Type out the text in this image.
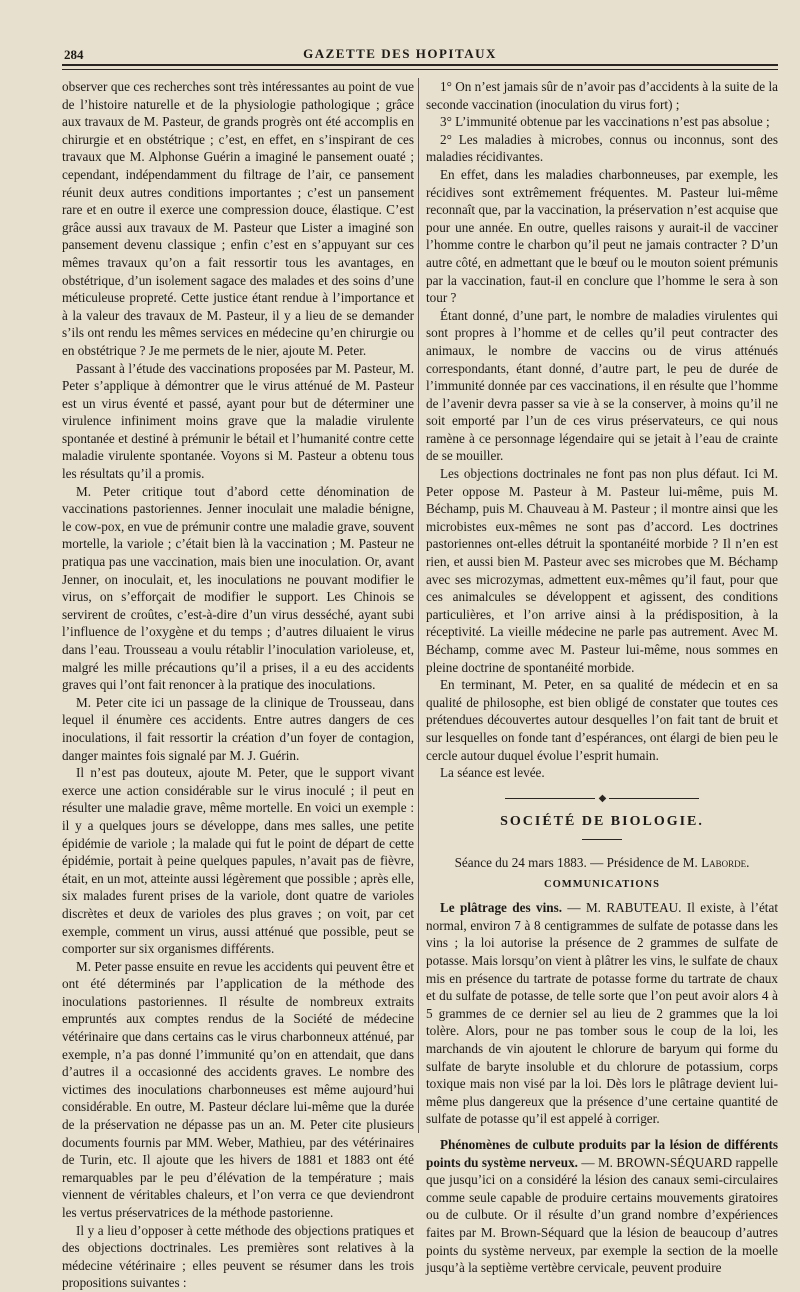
284	GAZETTE DES HOPITAUX

observer que ces recherches sont très intéressantes au point de vue de l’histoire naturelle et de la physiologie pathologique ; grâce aux travaux de M. Pasteur, de grands progrès ont été accomplis en chirurgie et en obstétrique ; c’est, en effet, en s’inspirant de ces travaux que M. Alphonse Guérin a imaginé le pansement ouaté ; cependant, indépendamment du filtrage de l’air, ce pansement réunit deux autres conditions importantes ; c’est un pansement rare et en outre il exerce une compression douce, élastique. C’est grâce aussi aux travaux de M. Pasteur que Lister a imaginé son pansement devenu classique ; enfin c’est en s’appuyant sur ces mêmes travaux qu’on a fait ressortir tous les avantages, en obstétrique, d’un isolement sagace des malades et des soins d’une méticuleuse propreté. Cette justice étant rendue à l’importance et à la valeur des travaux de M. Pasteur, il y a lieu de se demander s’ils ont rendu les mêmes services en médecine qu’en chirurgie ou en obstétrique ? Je me permets de le nier, ajoute M. Peter.

Passant à l’étude des vaccinations proposées par M. Pasteur, M. Peter s’applique à démontrer que le virus atténué de M. Pasteur est un virus éventé et passé, ayant pour but de déterminer une virulence infiniment moins grave que la maladie virulente spontanée et destiné à prémunir le bétail et l’humanité contre cette maladie virulente spontanée. Voyons si M. Pasteur a obtenu tous les résultats qu’il a promis.

M. Peter critique tout d’abord cette dénomination de vaccinations pastoriennes. Jenner inoculait une maladie bénigne, le cow-pox, en vue de prémunir contre une maladie grave, souvent mortelle, la variole ; c’était bien là la vaccination ; M. Pasteur ne pratiqua pas une vaccination, mais bien une inoculation. Or, avant Jenner, on inoculait, et, les inoculations ne pouvant modifier le virus, on s’efforçait de modifier le support. Les Chinois se servirent de croûtes, c’est-à-dire d’un virus desséché, ayant subi l’influence de l’oxygène et du temps ; d’autres diluaient le virus dans l’eau. Trousseau a voulu rétablir l’inoculation varioleuse, et, malgré les mille précautions qu’il a prises, il a eu des accidents graves qui l’ont fait renoncer à la pratique des inoculations.

M. Peter cite ici un passage de la clinique de Trousseau, dans lequel il énumère ces accidents. Entre autres dangers de ces inoculations, il fait ressortir la création d’un foyer de contagion, danger maintes fois signalé par M. J. Guérin.

Il n’est pas douteux, ajoute M. Peter, que le support vivant exerce une action considérable sur le virus inoculé ; il peut en résulter une maladie grave, même mortelle. En voici un exemple : il y a quelques jours se développe, dans mes salles, une petite épidémie de variole ; la malade qui fut le point de départ de cette épidémie, portait à peine quelques papules, n’avait pas de fièvre, était, en un mot, atteinte aussi légèrement que possible ; après elle, six malades furent prises de la variole, dont quatre de varioles discrètes et deux de varioles des plus graves ; on voit, par cet exemple, comment un virus, aussi atténué que possible, peut se comporter sur six organismes différents.

M. Peter passe ensuite en revue les accidents qui peuvent être et ont été déterminés par l’application de la méthode des inoculations pastoriennes. Il résulte de nombreux extraits empruntés aux comptes rendus de la Société de médecine vétérinaire que dans certains cas le virus charbonneux atténué, par exemple, n’a pas donné l’immunité qu’on en attendait, que dans d’autres il a occasionné des accidents graves. Le nombre des victimes des inoculations charbonneuses est même aujourd’hui considérable. En outre, M. Pasteur déclare lui-même que la durée de la préservation ne dépasse pas un an. M. Peter cite plusieurs documents fournis par MM. Weber, Mathieu, par des vétérinaires de Turin, etc. Il ajoute que les hivers de 1881 et 1883 ont été remarquables par le peu d’élévation de la température ; mais viennent de véritables chaleurs, et l’on verra ce que deviendront les vertus préservatrices de la méthode pastorienne.

Il y a lieu d’opposer à cette méthode des objections pratiques et des objections doctrinales. Les premières sont relatives à la médecine vétérinaire ; elles peuvent se résumer dans les trois propositions suivantes :

1° On n’est jamais sûr de n’avoir pas d’accidents à la suite de la seconde vaccination (inoculation du virus fort) ;

3° L’immunité obtenue par les vaccinations n’est pas absolue ;

2° Les maladies à microbes, connus ou inconnus, sont des maladies récidivantes.

En effet, dans les maladies charbonneuses, par exemple, les récidives sont extrêmement fréquentes. M. Pasteur lui-même reconnaît que, par la vaccination, la préservation n’est acquise que pour une année. En outre, quelles raisons y aurait-il de vacciner l’homme contre le charbon qu’il peut ne jamais contracter ? D’un autre côté, en admettant que le bœuf ou le mouton soient prémunis par la vaccination, faut-il en conclure que l’homme le sera à son tour ?

Étant donné, d’une part, le nombre de maladies virulentes qui sont propres à l’homme et de celles qu’il peut contracter des animaux, le nombre de vaccins ou de virus atténués correspondants, étant donné, d’autre part, le peu de durée de l’immunité donnée par ces vaccinations, il en résulte que l’homme de l’avenir devra passer sa vie à se la conserver, à moins qu’il ne soit emporté par l’un de ces virus préservateurs, ce qui nous ramène à ce personnage légendaire qui se jetait à l’eau de crainte de se mouiller.

Les objections doctrinales ne font pas non plus défaut. Ici M. Peter oppose M. Pasteur à M. Pasteur lui-même, puis M. Béchamp, puis M. Chauveau à M. Pasteur ; il montre ainsi que les microbistes eux-mêmes ne sont pas d’accord. Les doctrines pastoriennes ont-elles détruit la spontanéité morbide ? Il n’en est rien, et aussi bien M. Pasteur avec ses microbes que M. Béchamp avec ses microzymas, admettent eux-mêmes qu’il faut, pour que ces animalcules se développent et agissent, des conditions particulières, et l’on arrive ainsi à la prédisposition, à la réceptivité. La vieille médecine ne parle pas autrement. Avec M. Béchamp, comme avec M. Pasteur lui-même, nous sommes en pleine doctrine de spontanéité morbide.

En terminant, M. Peter, en sa qualité de médecin et en sa qualité de philosophe, est bien obligé de constater que toutes ces prétendues découvertes autour desquelles l’on fait tant de bruit et sur lesquelles on fonde tant d’espérances, ont élargi de bien peu le cercle autour duquel évolue l’esprit humain.

La séance est levée.

◆
SOCIÉTÉ DE BIOLOGIE.
Séance du 24 mars 1883. — Présidence de M. Laborde.
COMMUNICATIONS

Le plâtrage des vins. — M. RABUTEAU. Il existe, à l’état normal, environ 7 à 8 centigrammes de sulfate de potasse dans les vins ; la loi autorise la présence de 2 grammes de sulfate de potasse. Mais lorsqu’on vient à plâtrer les vins, le sulfate de chaux mis en présence du tartrate de potasse forme du tartrate de chaux et du sulfate de potasse, de telle sorte que l’on peut avoir alors 4 à 5 grammes de ce dernier sel au lieu de 2 grammes que la loi tolère. Alors, pour ne pas tomber sous le coup de la loi, les marchands de vin ajoutent le chlorure de baryum qui forme du sulfate de baryte insoluble et du chlorure de potassium, corps toxique mais non visé par la loi. Dès lors le plâtrage devient lui-même plus dangereux que la présence d’une certaine quantité de sulfate de potasse qu’il est appelé à corriger.

Phénomènes de culbute produits par la lésion de différents points du système nerveux. — M. BROWN-SÉQUARD rappelle que jusqu’ici on a considéré la lésion des canaux semi-circulaires comme seule capable de produire certains mouvements giratoires ou de culbute. Or il résulte d’un grand nombre d’expériences faites par M. Brown-Séquard que la lésion de beaucoup d’autres points du système nerveux, par exemple la section de la moelle jusqu’à la septième vertèbre cervicale, peuvent produire
